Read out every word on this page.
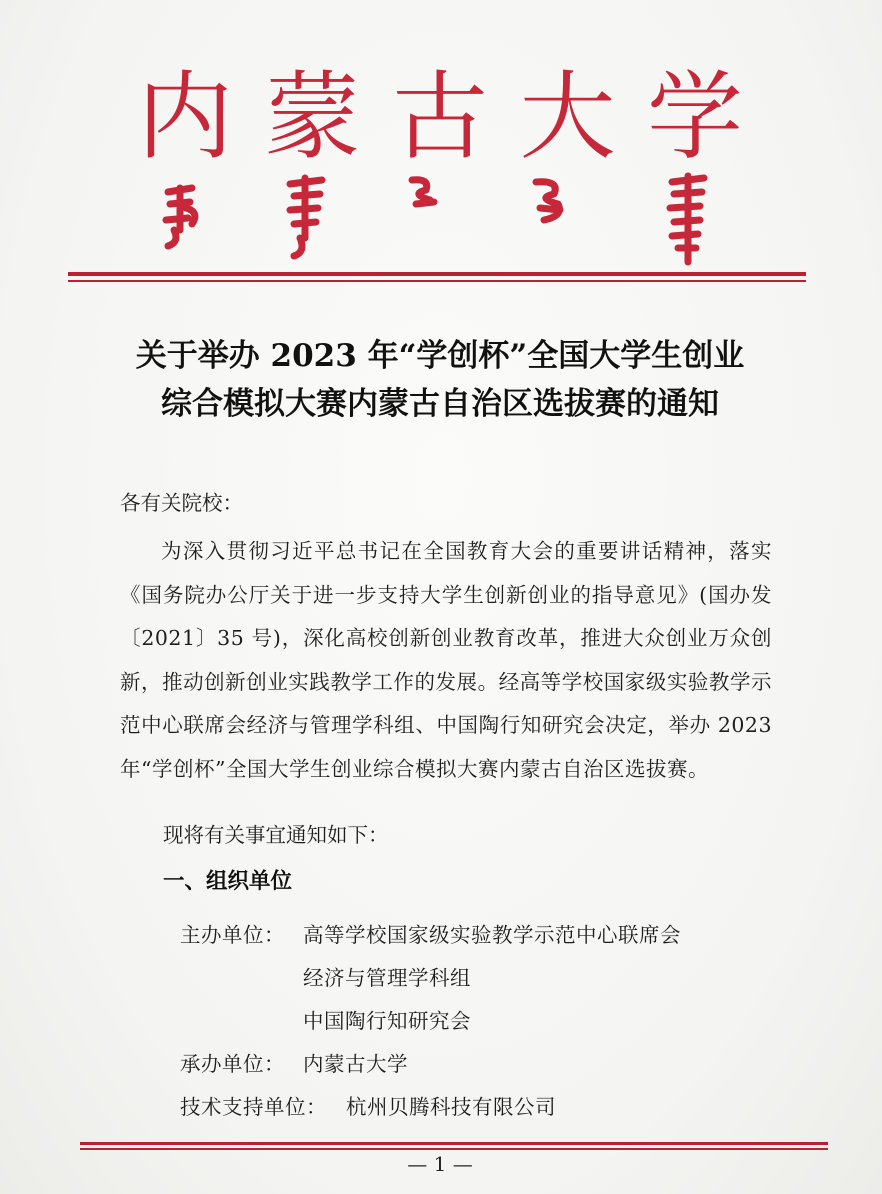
内 蒙 古 大 学
关于举办 2023 年“学创杯”全国大学生创业
综合模拟大赛内蒙古自治区选拔赛的通知
各有关院校：
为深入贯彻习近平总书记在全国教育大会的重要讲话精神，落实《国务院办公厅关于进一步支持大学生创新创业的指导意见》(国办发〔2021〕35 号)，深化高校创新创业教育改革，推进大众创业万众创新，推动创新创业实践教学工作的发展。经高等学校国家级实验教学示范中心联席会经济与管理学科组、中国陶行知研究会决定，举办 2023 年“学创杯”全国大学生创业综合模拟大赛内蒙古自治区选拔赛。
现将有关事宜通知如下：
一、组织单位
主办单位： 高等学校国家级实验教学示范中心联席会
经济与管理学科组
中国陶行知研究会
承办单位： 内蒙古大学
技术支持单位： 杭州贝腾科技有限公司
— 1 —
